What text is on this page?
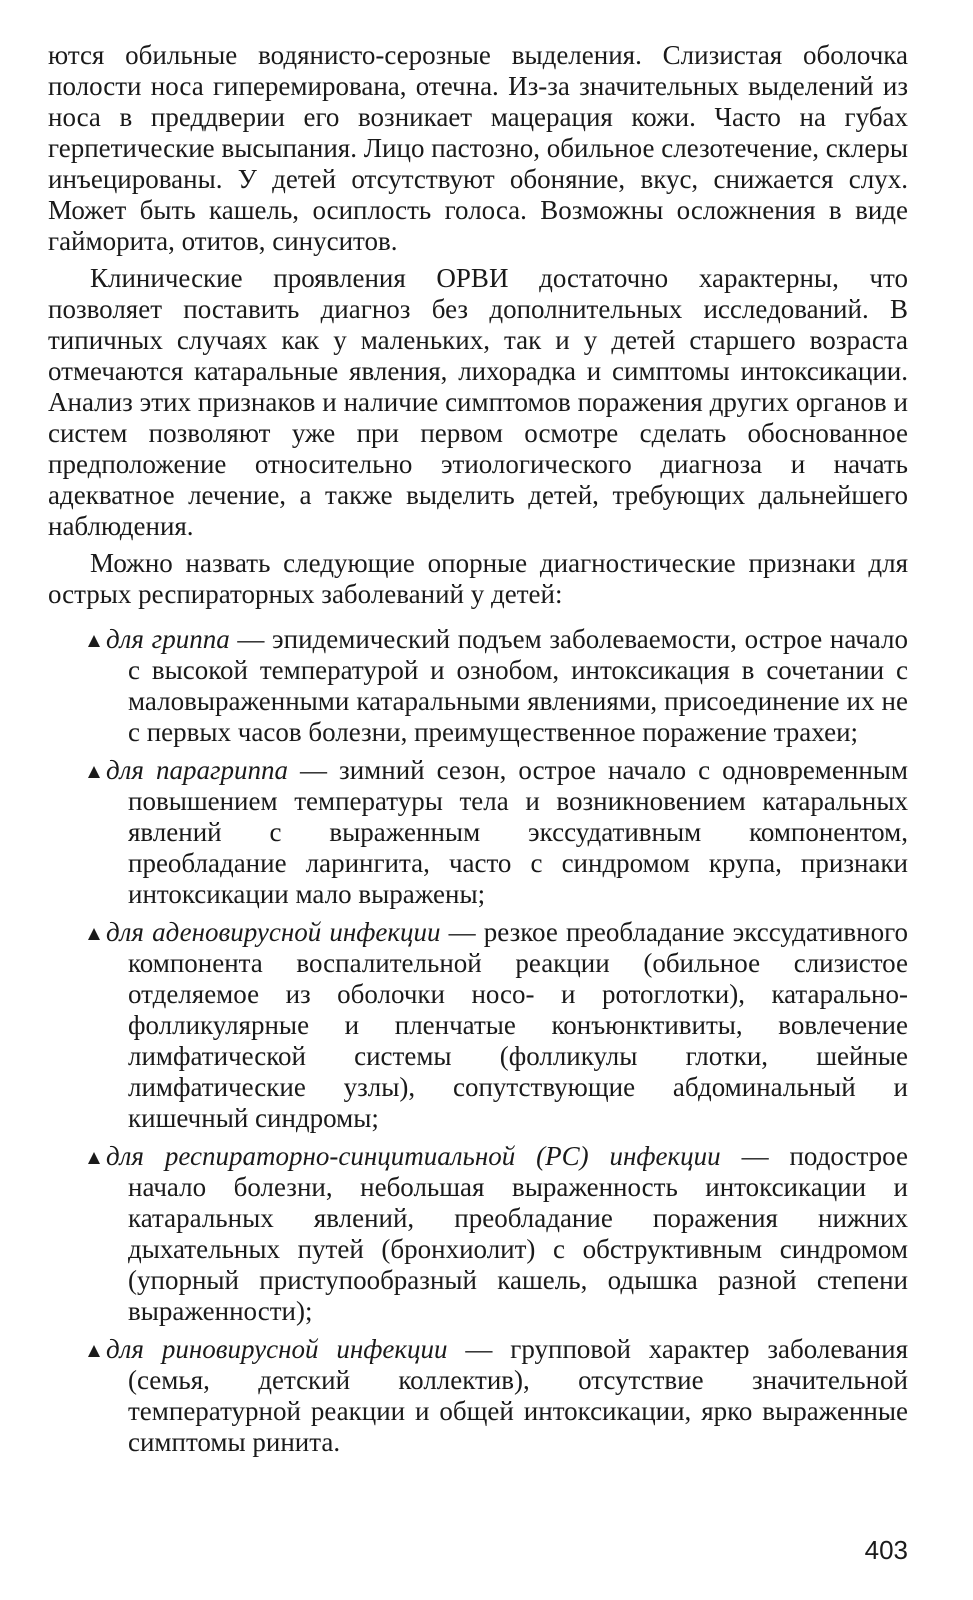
ются обильные водянисто-серозные выделения. Слизистая оболочка полости носа гиперемирована, отечна. Из-за значительных выделений из носа в преддверии его возникает мацерация кожи. Часто на губах герпетические высыпания. Лицо пастозно, обильное слезотечение, склеры инъецированы. У детей отсутствуют обоняние, вкус, снижается слух. Может быть кашель, осиплость голоса. Возможны осложнения в виде гайморита, отитов, синуситов.

Клинические проявления ОРВИ достаточно характерны, что позволяет поставить диагноз без дополнительных исследований. В типичных случаях как у маленьких, так и у детей старшего возраста отмечаются катаральные явления, лихорадка и симптомы интоксикации. Анализ этих признаков и наличие симптомов поражения других органов и систем позволяют уже при первом осмотре сделать обоснованное предположение относительно этиологического диагноза и начать адекватное лечение, а также выделить детей, требующих дальнейшего наблюдения.

Можно назвать следующие опорные диагностические признаки для острых респираторных заболеваний у детей:

для гриппа — эпидемический подъем заболеваемости, острое начало с высокой температурой и ознобом, интоксикация в сочетании с маловыраженными катаральными явлениями, присоединение их не с первых часов болезни, преимущественное поражение трахеи;
для парагриппа — зимний сезон, острое начало с одновременным повышением температуры тела и возникновением катаральных явлений с выраженным экссудативным компонентом, преобладание ларингита, часто с синдромом крупа, признаки интоксикации мало выражены;
для аденовирусной инфекции — резкое преобладание экссудативного компонента воспалительной реакции (обильное слизистое отделяемое из оболочки носо- и ротоглотки), катарально-фолликулярные и пленчатые конъюнктивиты, вовлечение лимфатической системы (фолликулы глотки, шейные лимфатические узлы), сопутствующие абдоминальный и кишечный синдромы;
для респираторно-синцитиальной (РС) инфекции — подострое начало болезни, небольшая выраженность интоксикации и катаральных явлений, преобладание поражения нижних дыхательных путей (бронхиолит) с обструктивным синдромом (упорный приступообразный кашель, одышка разной степени выраженности);
для риновирусной инфекции — групповой характер заболевания (семья, детский коллектив), отсутствие значительной температурной реакции и общей интоксикации, ярко выраженные симптомы ринита.
403
